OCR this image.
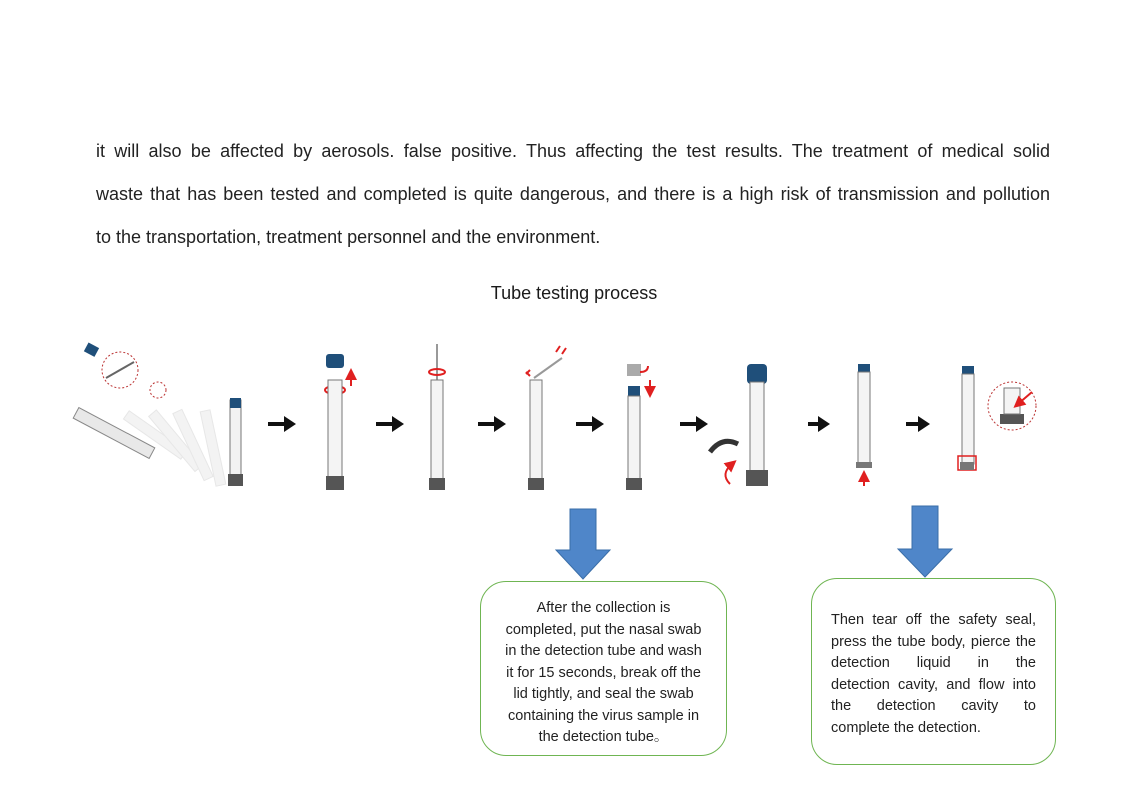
it will also be affected by aerosols. false positive. Thus affecting the test results. The treatment of medical solid
waste that has been tested and completed is quite dangerous, and there is a high risk of transmission and pollution
to the transportation, treatment personnel and the environment.
Tube testing process
After the collection is
completed, put the nasal swab
in the detection tube and wash
it for 15 seconds, break off the
lid tightly, and seal the swab
containing the virus sample in
the detection tube。
Then tear off the safety seal,
press the tube body, pierce the
detection liquid in the
detection cavity, and flow into
the detection cavity to
complete the detection.
